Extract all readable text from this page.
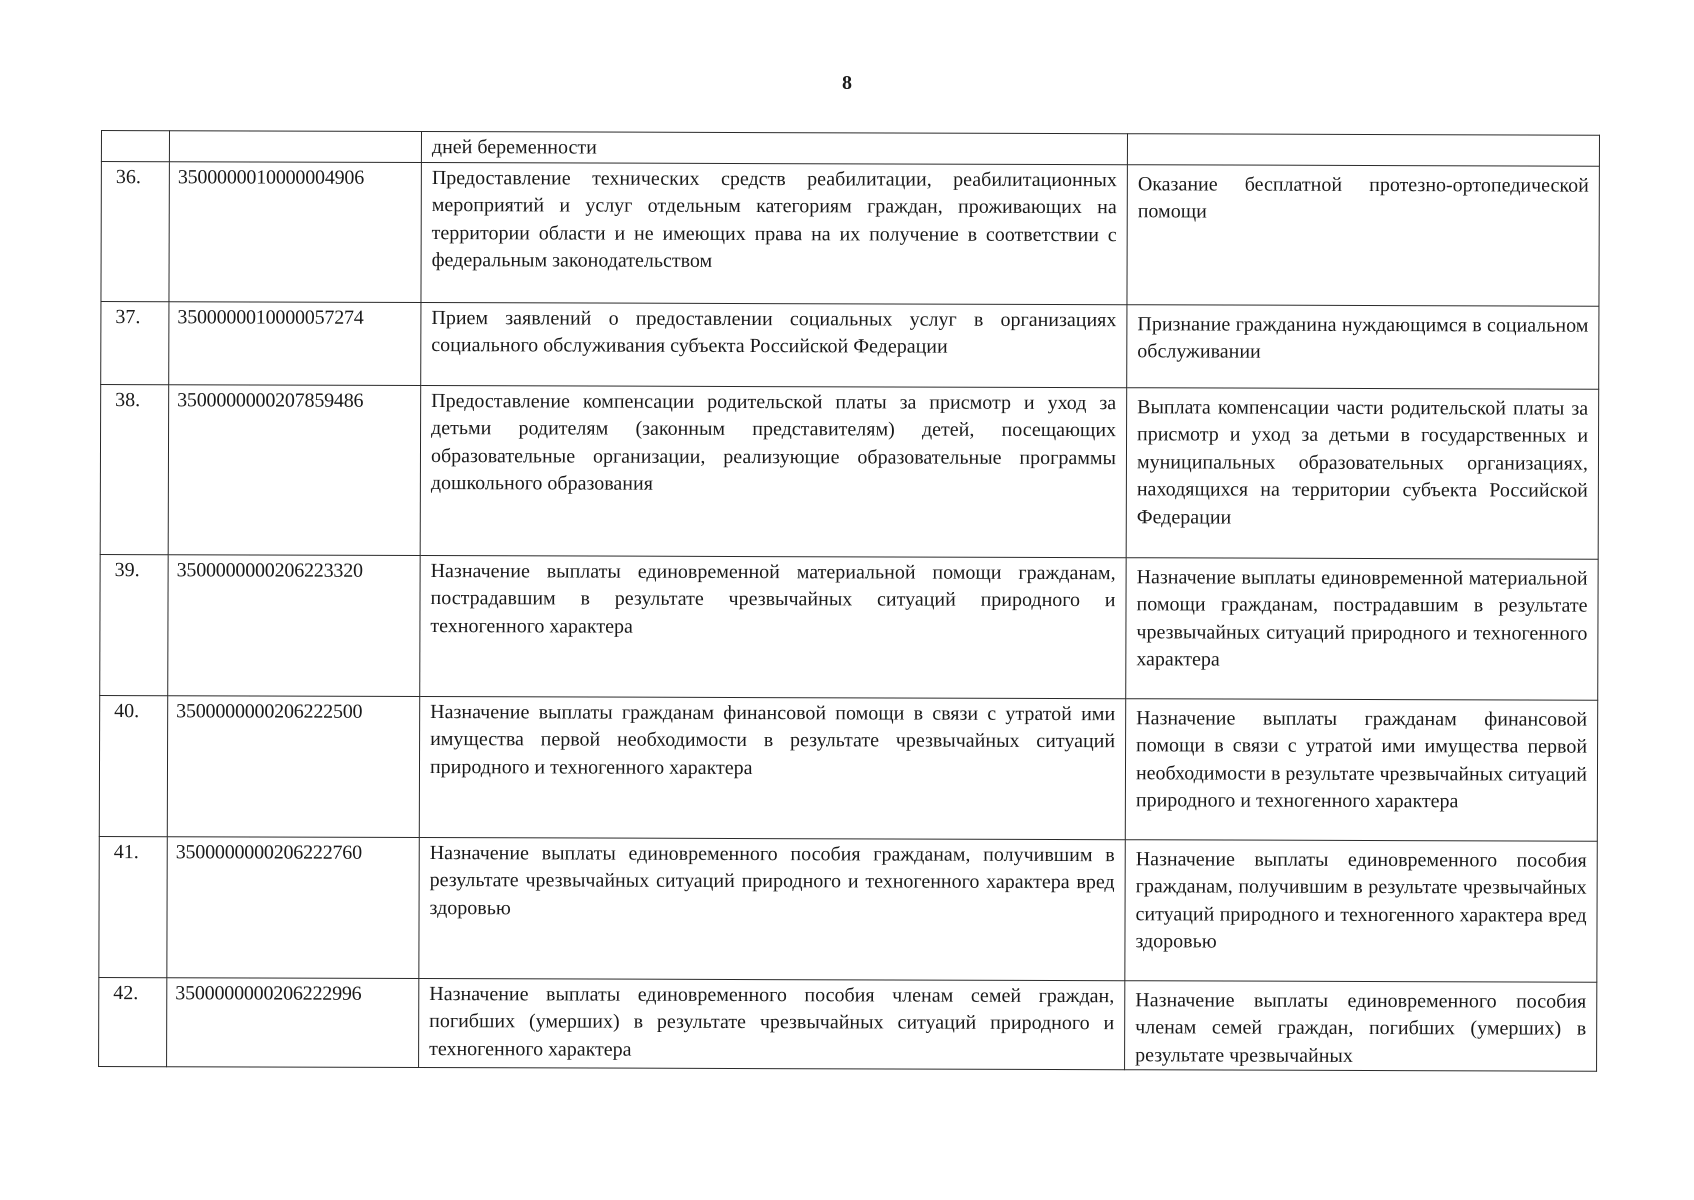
8
		дней беременности	
36.	3500000010000004906	Предоставление технических средств реабилитации, реабилитационных мероприятий и услуг отдельным категориям граждан, проживающих на территории области и не имеющих права на их получение в соответствии с федеральным законодательством	Оказание бесплатной протезно-ортопедической помощи
37.	3500000010000057274	Прием заявлений о предоставлении социальных услуг в организациях социального обслуживания субъекта Российской Федерации	Признание гражданина нуждающимся в социальном обслуживании
38.	3500000000207859486	Предоставление компенсации родительской платы за присмотр и уход за детьми родителям (законным представителям) детей, посещающих образовательные организации, реализующие образовательные программы дошкольного образования	Выплата компенсации части родительской платы за присмотр и уход за детьми в государственных и муниципальных образовательных организациях, находящихся на территории субъекта Российской Федерации
39.	3500000000206223320	Назначение выплаты единовременной материальной помощи гражданам, пострадавшим в результате чрезвычайных ситуаций природного и техногенного характера	Назначение выплаты единовременной материальной помощи гражданам, пострадавшим в результате чрезвычайных ситуаций природного и техногенного характера
40.	3500000000206222500	Назначение выплаты гражданам финансовой помощи в связи с утратой ими имущества первой необходимости в результате чрезвычайных ситуаций природного и техногенного характера	Назначение выплаты гражданам финансовой помощи в связи с утратой ими имущества первой необходимости в результате чрезвычайных ситуаций природного и техногенного характера
41.	3500000000206222760	Назначение выплаты единовременного пособия гражданам, получившим в результате чрезвычайных ситуаций природного и техногенного характера вред здоровью	Назначение выплаты единовременного пособия гражданам, получившим в результате чрезвычайных ситуаций природного и техногенного характера вред здоровью
42.	3500000000206222996	Назначение выплаты единовременного пособия членам семей граждан, погибших (умерших) в результате чрезвычайных ситуаций природного и техногенного характера	Назначение выплаты единовременного пособия членам семей граждан, погибших (умерших) в результате чрезвычайных
